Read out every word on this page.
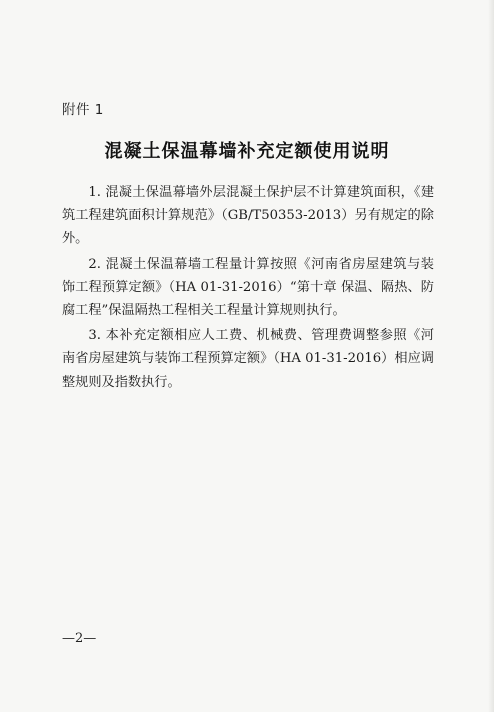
附件 1
混凝土保温幕墙补充定额使用说明

1. 混凝土保温幕墙外层混凝土保护层不计算建筑面积，《建筑工程建筑面积计算规范》（GB/T50353-2013）另有规定的除外。

2. 混凝土保温幕墙工程量计算按照《河南省房屋建筑与装饰工程预算定额》（HA 01-31-2016）“第十章 保温、隔热、防腐工程”保温隔热工程相关工程量计算规则执行。

3. 本补充定额相应人工费、机械费、管理费调整参照《河南省房屋建筑与装饰工程预算定额》（HA 01-31-2016）相应调整规则及指数执行。

—2—
